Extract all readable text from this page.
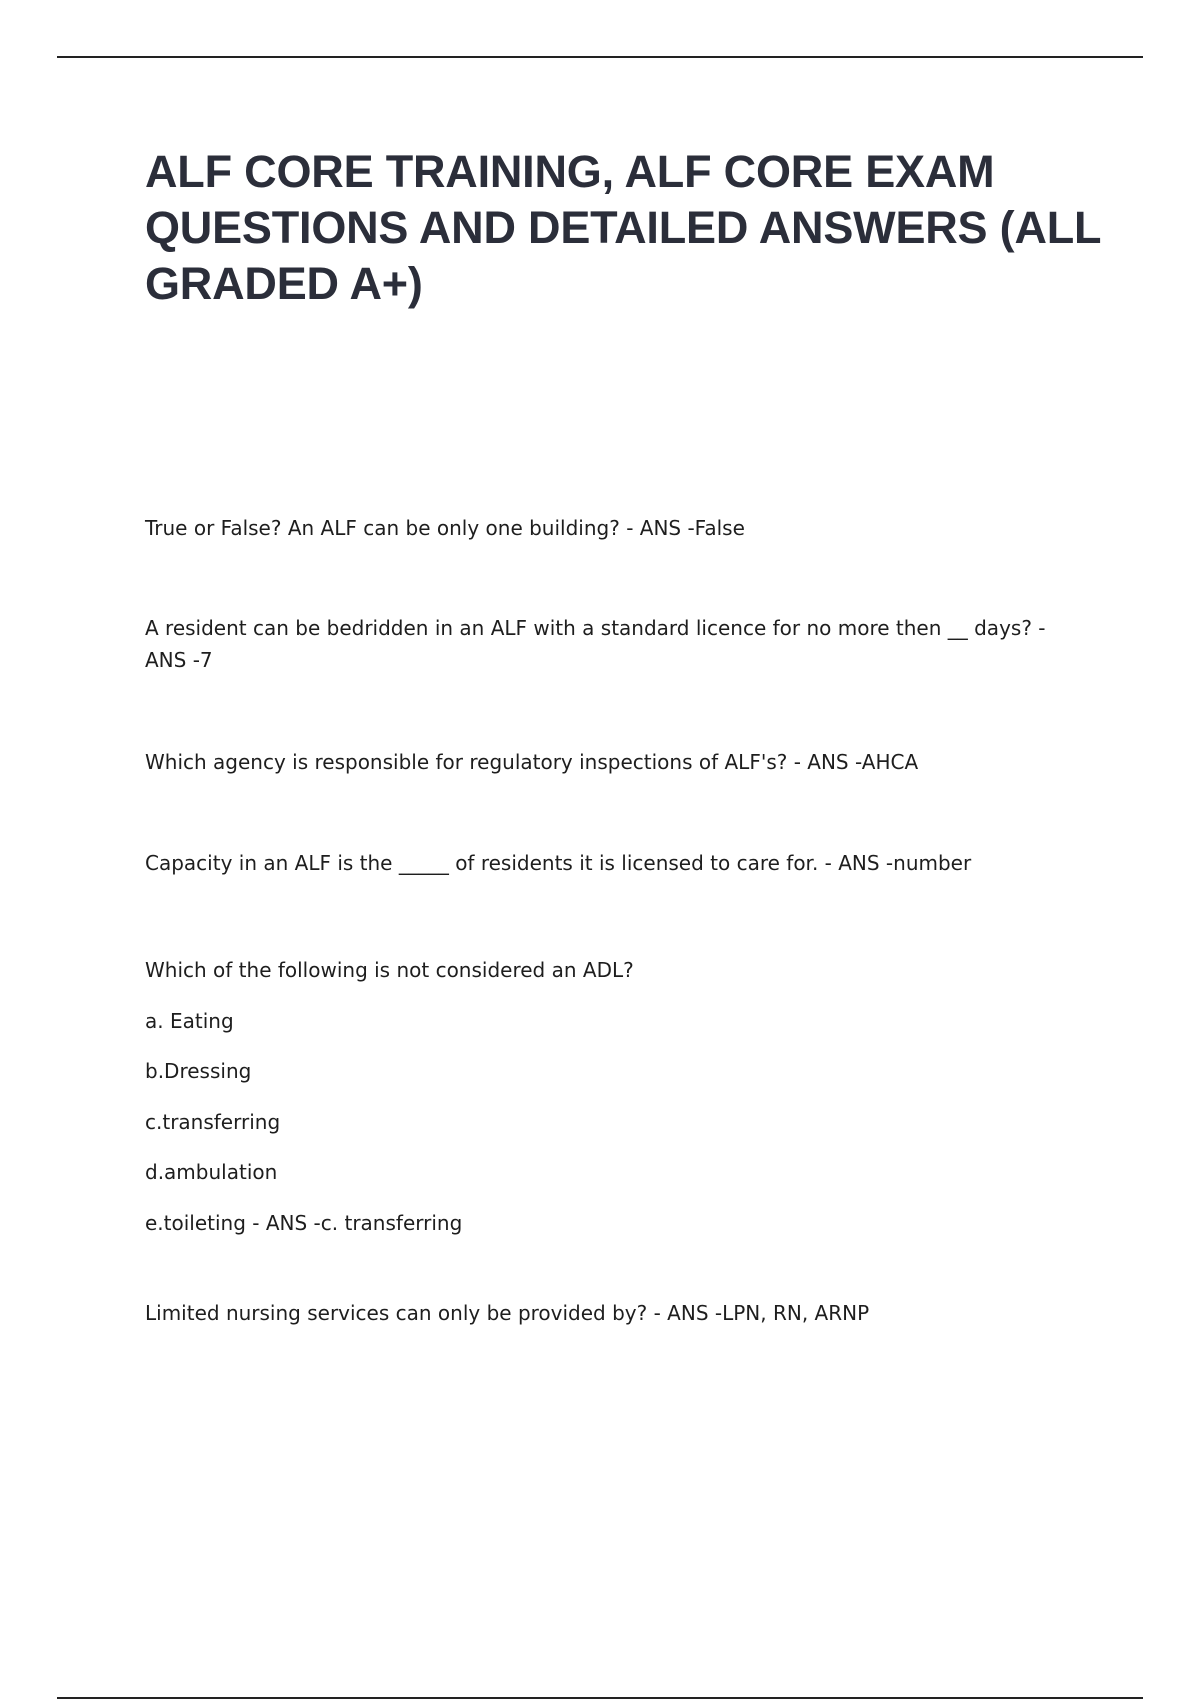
ALF CORE TRAINING, ALF CORE EXAM QUESTIONS AND DETAILED ANSWERS (ALL GRADED A+)

True or False? An ALF can be only one building? - ANS -False

A resident can be bedridden in an ALF with a standard licence for no more then __ days? - ANS -7

Which agency is responsible for regulatory inspections of ALF's? - ANS -AHCA

Capacity in an ALF is the _____ of residents it is licensed to care for. - ANS -number

Which of the following is not considered an ADL?
a. Eating
b.Dressing
c.transferring
d.ambulation
e.toileting - ANS -c. transferring

Limited nursing services can only be provided by? - ANS -LPN, RN, ARNP
